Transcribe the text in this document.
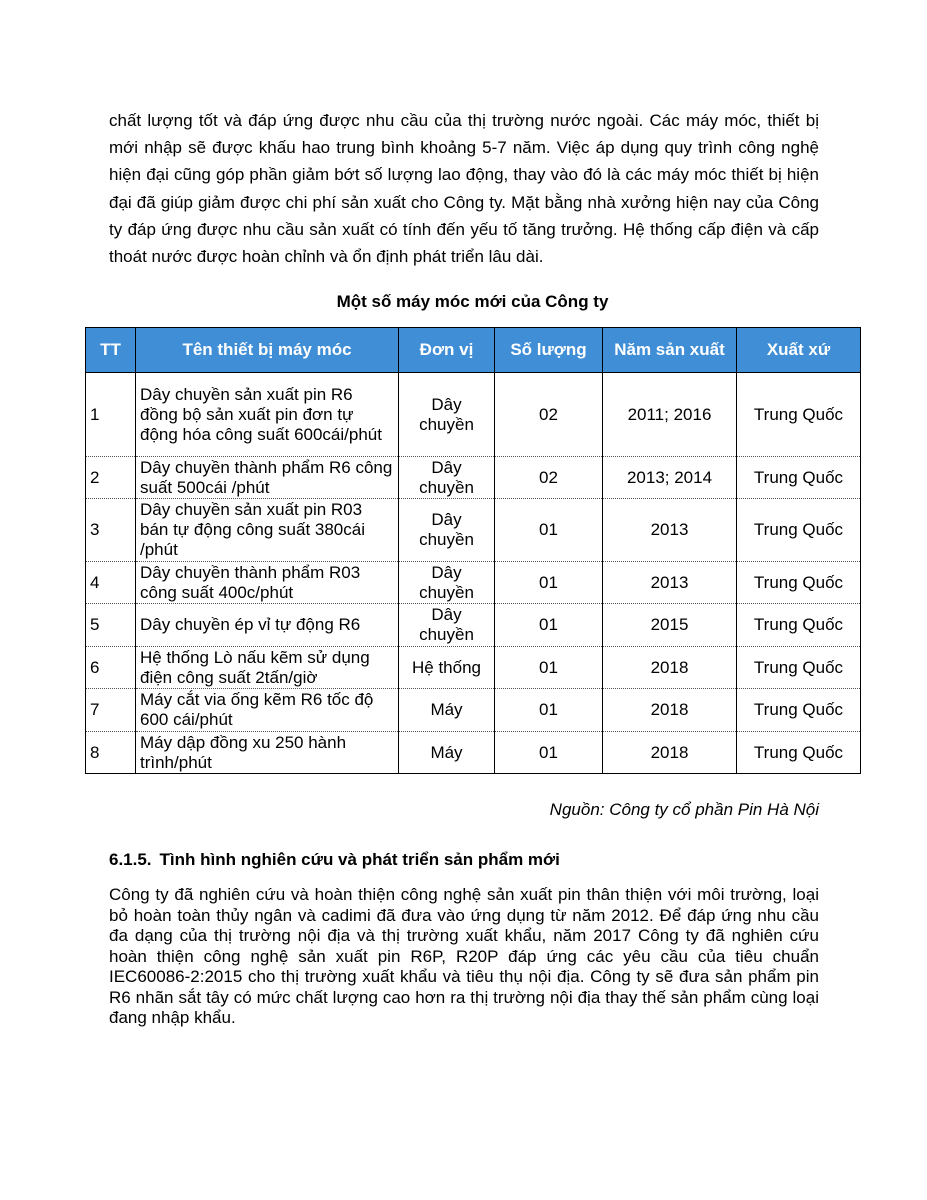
chất lượng tốt và đáp ứng được nhu cầu của thị trường nước ngoài. Các máy móc, thiết bị mới nhập sẽ được khấu hao trung bình khoảng 5-7 năm. Việc áp dụng quy trình công nghệ hiện đại cũng góp phần giảm bớt số lượng lao động, thay vào đó là các máy móc thiết bị hiện đại đã giúp giảm được chi phí sản xuất cho Công ty. Mặt bằng nhà xưởng hiện nay của Công ty đáp ứng được nhu cầu sản xuất có tính đến yếu tố tăng trưởng. Hệ thống cấp điện và cấp thoát nước được hoàn chỉnh và ổn định phát triển lâu dài.

Một số máy móc mới của Công ty
TT	Tên thiết bị máy móc	Đơn vị	Số lượng	Năm sản xuất	Xuất xứ
1	Dây chuyền sản xuất pin R6 đồng bộ sản xuất pin đơn tự động hóa công suất 600cái/phút	Dây chuyền	02	2011; 2016	Trung Quốc
2	Dây chuyền thành phẩm R6 công suất 500cái /phút	Dây chuyền	02	2013; 2014	Trung Quốc
3	Dây chuyền sản xuất pin R03 bán tự động công suất 380cái /phút	Dây chuyền	01	2013	Trung Quốc
4	Dây chuyền thành phẩm R03 công suất 400c/phút	Dây chuyền	01	2013	Trung Quốc
5	Dây chuyền ép vỉ tự động R6	Dây chuyền	01	2015	Trung Quốc
6	Hệ thống Lò nấu kẽm sử dụng điện công suất 2tấn/giờ	Hệ thống	01	2018	Trung Quốc
7	Máy cắt via ống kẽm R6 tốc độ 600 cái/phút	Máy	01	2018	Trung Quốc
8	Máy dập đồng xu 250 hành trình/phút	Máy	01	2018	Trung Quốc
Nguồn: Công ty cổ phần Pin Hà Nội
6.1.5. Tình hình nghiên cứu và phát triển sản phẩm mới

Công ty đã nghiên cứu và hoàn thiện công nghệ sản xuất pin thân thiện với môi trường, loại bỏ hoàn toàn thủy ngân và cadimi đã đưa vào ứng dụng từ năm 2012. Để đáp ứng nhu cầu đa dạng của thị trường nội địa và thị trường xuất khẩu, năm 2017 Công ty đã nghiên cứu hoàn thiện công nghệ sản xuất pin R6P, R20P đáp ứng các yêu cầu của tiêu chuẩn IEC60086-2:2015 cho thị trường xuất khẩu và tiêu thụ nội địa. Công ty sẽ đưa sản phẩm pin R6 nhãn sắt tây có mức chất lượng cao hơn ra thị trường nội địa thay thế sản phẩm cùng loại đang nhập khẩu.
